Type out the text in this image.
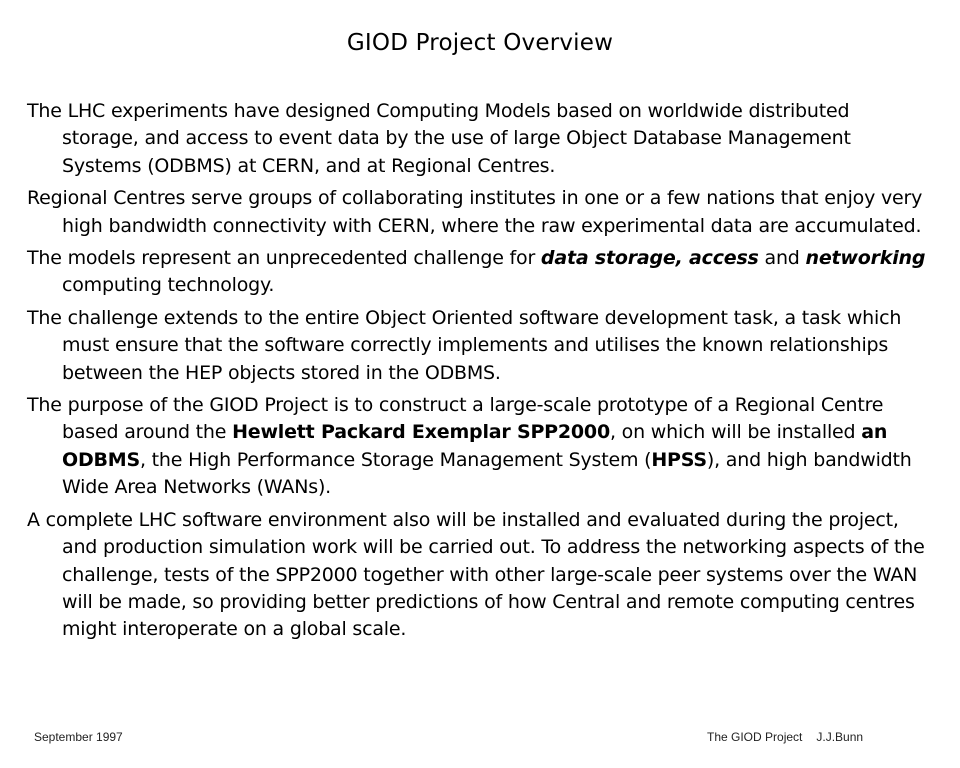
GIOD Project Overview

The LHC experiments have designed Computing Models based on worldwide distributed storage, and access to event data by the use of large Object Database Management Systems (ODBMS) at CERN, and at Regional Centres.

Regional Centres serve groups of collaborating institutes in one or a few nations that enjoy very high bandwidth connectivity with CERN, where the raw experimental data are accumulated.

The models represent an unprecedented challenge for data storage, access and networking computing technology.

The challenge extends to the entire Object Oriented software development task, a task which must ensure that the software correctly implements and utilises the known relationships between the HEP objects stored in the ODBMS.

The purpose of the GIOD Project is to construct a large-scale prototype of a Regional Centre based around the Hewlett Packard Exemplar SPP2000, on which will be installed an ODBMS, the High Performance Storage Management System (HPSS), and high bandwidth Wide Area Networks (WANs).

A complete LHC software environment also will be installed and evaluated during the project, and production simulation work will be carried out. To address the networking aspects of the challenge, tests of the SPP2000 together with other large-scale peer systems over the WAN will be made, so providing better predictions of how Central and remote computing centres might interoperate on a global scale.

September 1997	The GIOD Project J.J.Bunn
